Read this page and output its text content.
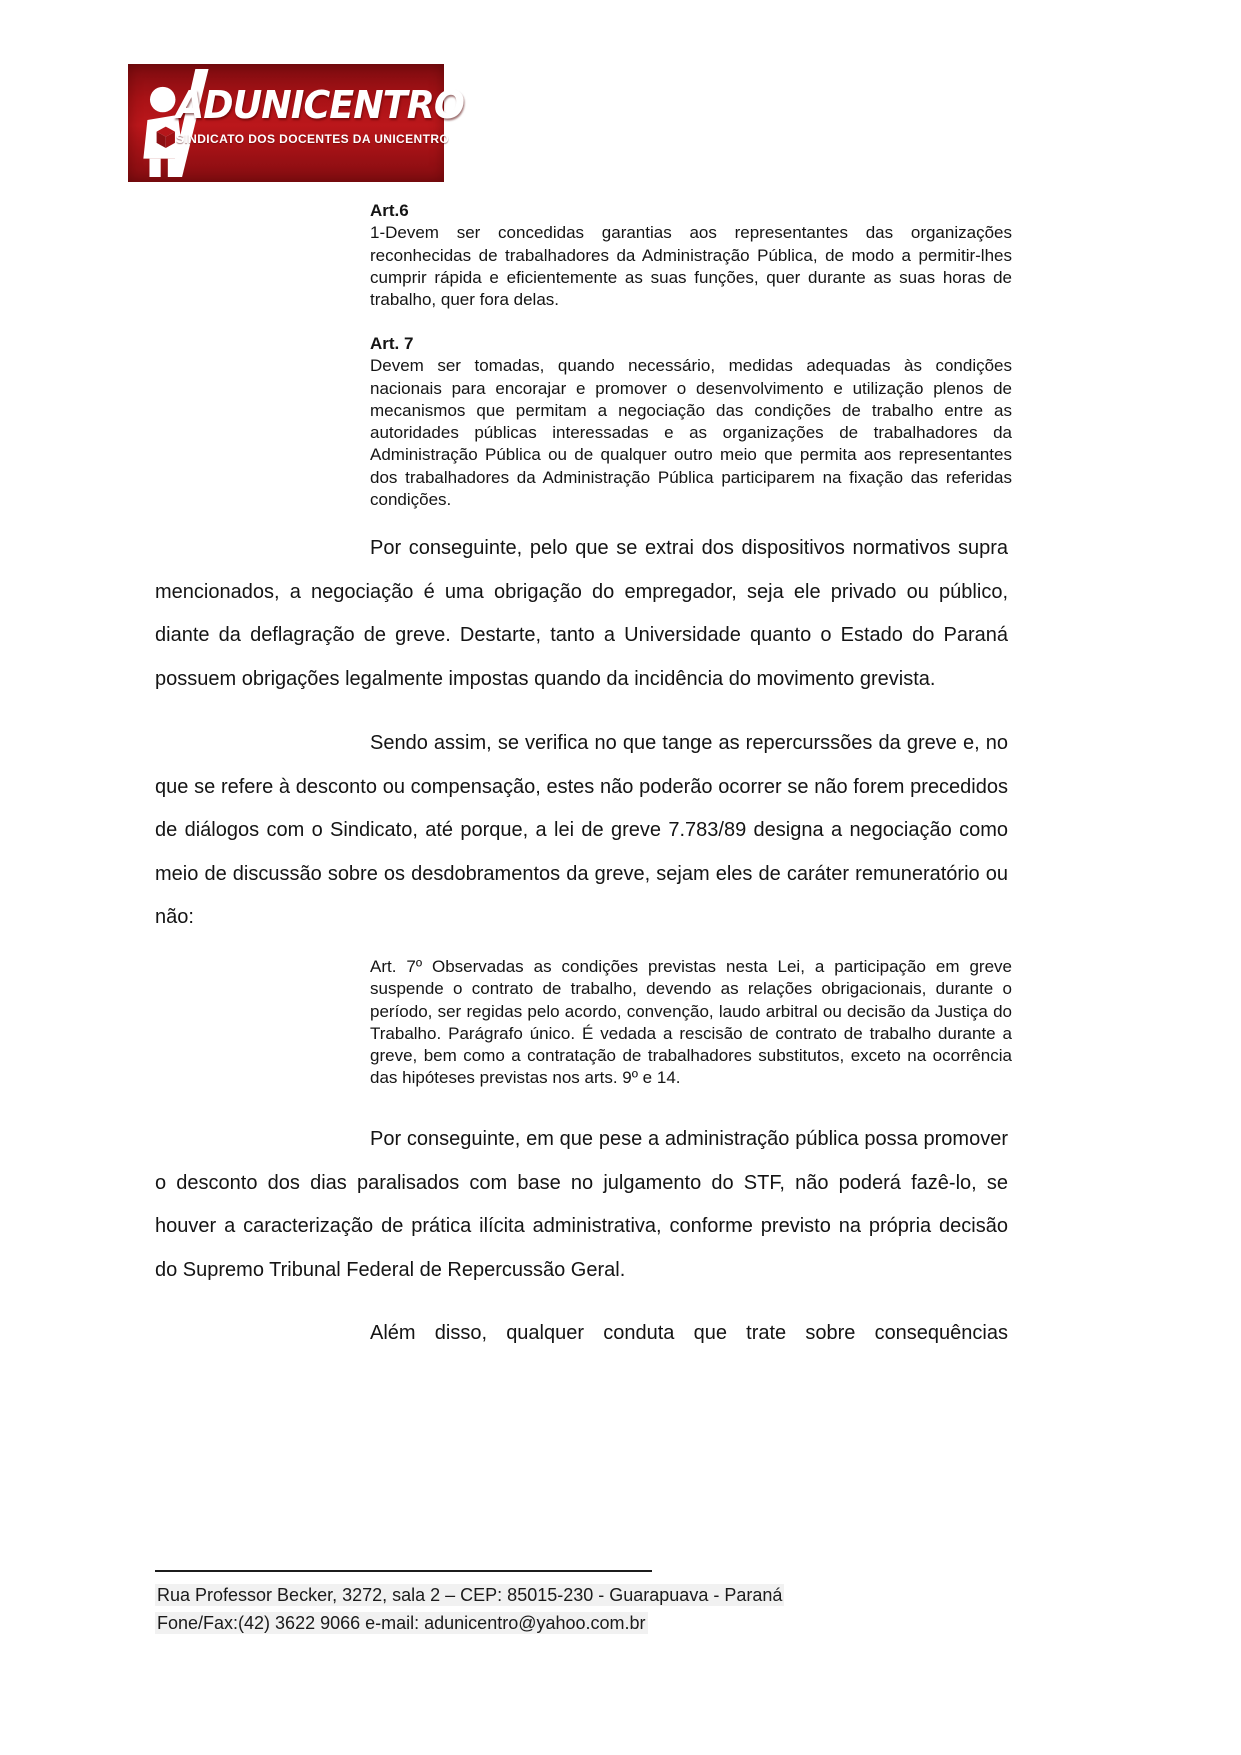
ADUNICENTRO
SINDICATO DOS DOCENTES DA UNICENTRO
Art.6
1-Devem ser concedidas garantias aos representantes das organizações reconhecidas de trabalhadores da Administração Pública, de modo a permitir-lhes cumprir rápida e eficientemente as suas funções, quer durante as suas horas de trabalho, quer fora delas.
Art. 7
Devem ser tomadas, quando necessário, medidas adequadas às condições nacionais para encorajar e promover o desenvolvimento e utilização plenos de mecanismos que permitam a negociação das condições de trabalho entre as autoridades públicas interessadas e as organizações de trabalhadores da Administração Pública ou de qualquer outro meio que permita aos representantes dos trabalhadores da Administração Pública participarem na fixação das referidas condições.
Por conseguinte, pelo que se extrai dos dispositivos normativos supra mencionados, a negociação é uma obrigação do empregador, seja ele privado ou público, diante da deflagração de greve. Destarte, tanto a Universidade quanto o Estado do Paraná possuem obrigações legalmente impostas quando da incidência do movimento grevista.
Sendo assim, se verifica no que tange as repercurssões da greve e, no que se refere à desconto ou compensação, estes não poderão ocorrer se não forem precedidos de diálogos com o Sindicato, até porque, a lei de greve 7.783/89 designa a negociação como meio de discussão sobre os desdobramentos da greve, sejam eles de caráter remuneratório ou não:
Art. 7º Observadas as condições previstas nesta Lei, a participação em greve suspende o contrato de trabalho, devendo as relações obrigacionais, durante o período, ser regidas pelo acordo, convenção, laudo arbitral ou decisão da Justiça do Trabalho. Parágrafo único. É vedada a rescisão de contrato de trabalho durante a greve, bem como a contratação de trabalhadores substitutos, exceto na ocorrência das hipóteses previstas nos arts. 9º e 14.
Por conseguinte, em que pese a administração pública possa promover o desconto dos dias paralisados com base no julgamento do STF, não poderá fazê-lo, se houver a caracterização de prática ilícita administrativa, conforme previsto na própria decisão do Supremo Tribunal Federal de Repercussão Geral.
Além disso, qualquer conduta que trate sobre consequências
Rua Professor Becker, 3272, sala 2 – CEP: 85015-230 - Guarapuava - Paraná
Fone/Fax:(42) 3622 9066 e-mail: adunicentro@yahoo.com.br
